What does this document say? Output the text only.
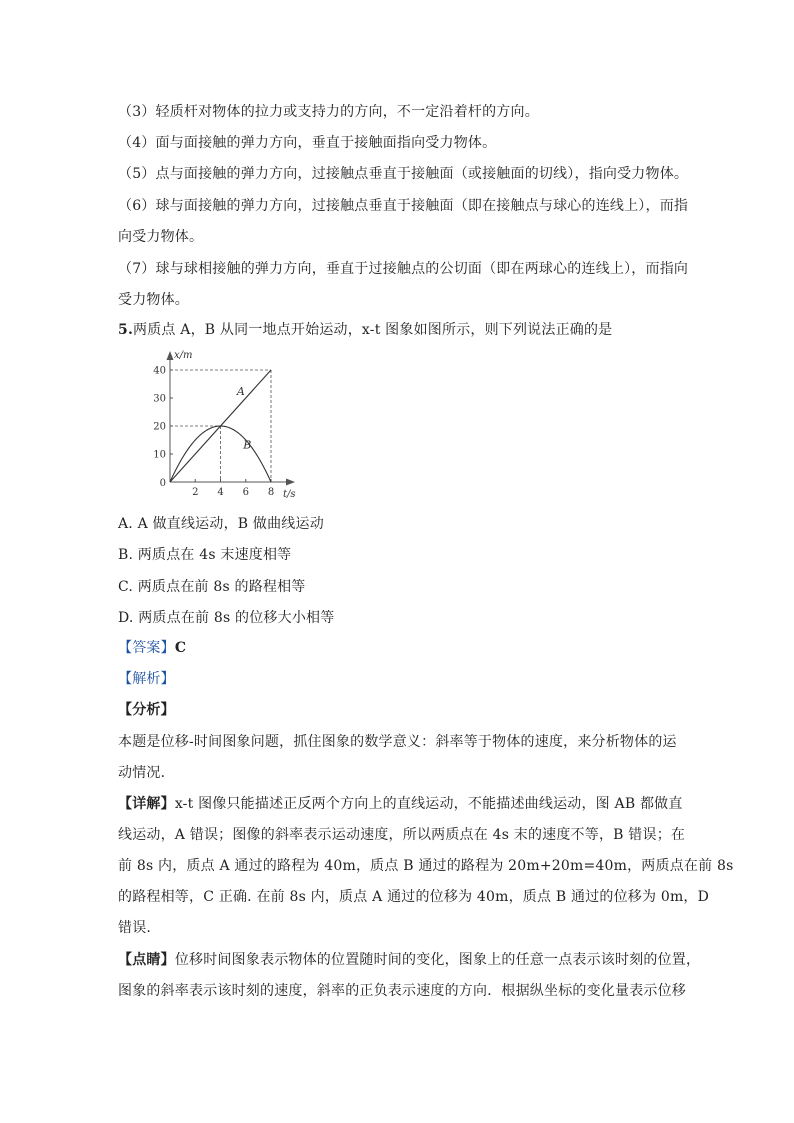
（3）轻质杆对物体的拉力或支持力的方向，不一定沿着杆的方向。
（4）面与面接触的弹力方向，垂直于接触面指向受力物体。
（5）点与面接触的弹力方向，过接触点垂直于接触面（或接触面的切线），指向受力物体。
（6）球与面接触的弹力方向，过接触点垂直于接触面（即在接触点与球心的连线上），而指
向受力物体。
（7）球与球相接触的弹力方向，垂直于过接触点的公切面（即在两球心的连线上），而指向
受力物体。
5.两质点 A，B 从同一地点开始运动，x-t 图象如图所示，则下列说法正确的是
2 4 6 8
10
20
30
40
0
t/s
x/m
A
B
A. A 做直线运动，B 做曲线运动
B. 两质点在 4s 末速度相等
C. 两质点在前 8s 的路程相等
D. 两质点在前 8s 的位移大小相等
【答案】C
【解析】
【分析】
本题是位移-时间图象问题，抓住图象的数学意义：斜率等于物体的速度，来分析物体的运
动情况．
【详解】x-t 图像只能描述正反两个方向上的直线运动，不能描述曲线运动，图 AB 都做直
线运动，A 错误；图像的斜率表示运动速度，所以两质点在 4s 末的速度不等，B 错误；在
前 8s 内，质点 A 通过的路程为 40m，质点 B 通过的路程为 20m+20m=40m，两质点在前 8s
的路程相等，C 正确. 在前 8s 内，质点 A 通过的位移为 40m，质点 B 通过的位移为 0m，D
错误.
【点睛】位移时间图象表示物体的位置随时间的变化，图象上的任意一点表示该时刻的位置，
图象的斜率表示该时刻的速度，斜率的正负表示速度的方向．根据纵坐标的变化量表示位移
